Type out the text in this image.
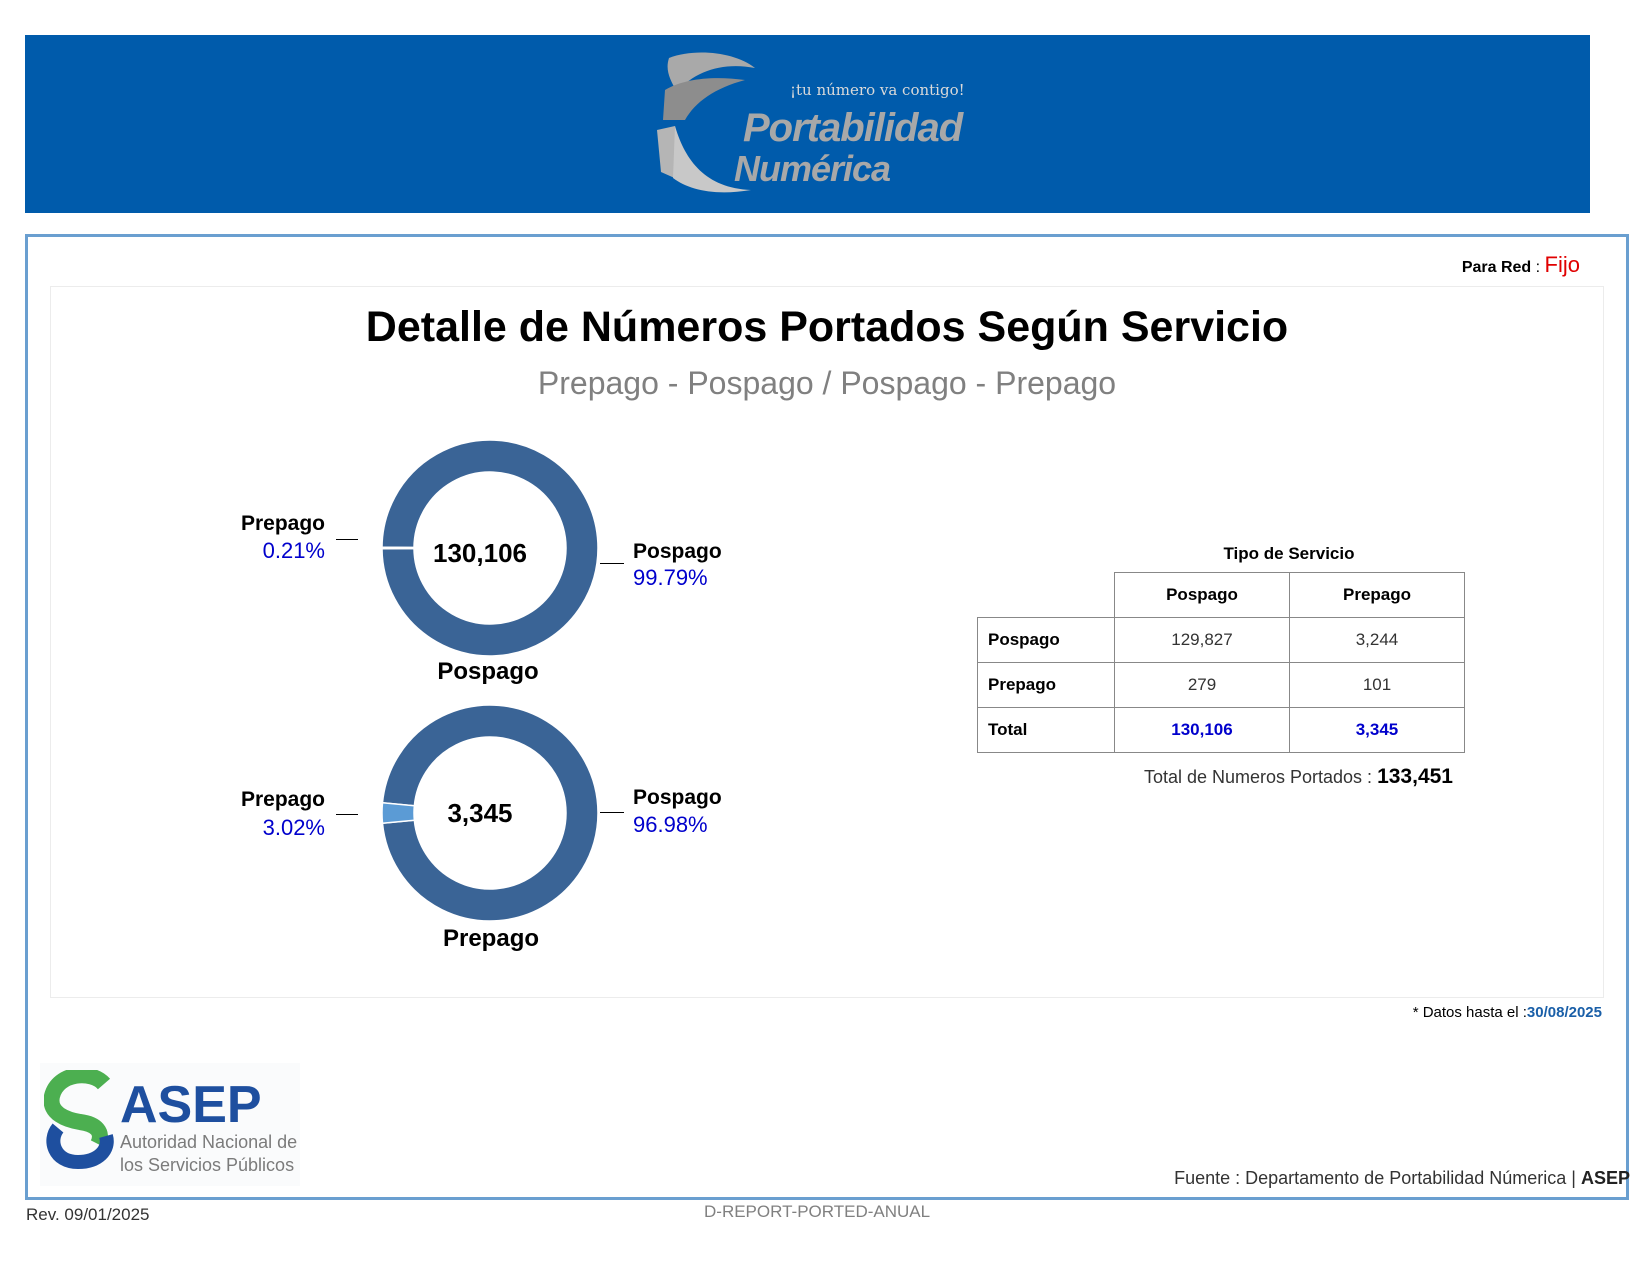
¡tu número va contigo!
Portabilidad
Numérica
Para Red : Fijo
Detalle de Números Portados Según Servicio
Prepago - Pospago / Pospago - Prepago
130,106
Pospago
Prepago
0.21%	Pospago
99.79%
3,345
Prepago
Prepago
3.02%
Pospago
96.98%
Tipo de Servicio
	Pospago	Prepago
Pospago	129,827	3,244
Prepago	279	101
Total	130,106	3,345
Total de Numeros Portados : 133,451
* Datos hasta el :30/08/2025
ASEP
Autoridad Nacional de
los Servicios Públicos
Fuente : Departamento de Portabilidad Númerica | ASEP
Rev. 09/01/2025	D-REPORT-PORTED-ANUAL
